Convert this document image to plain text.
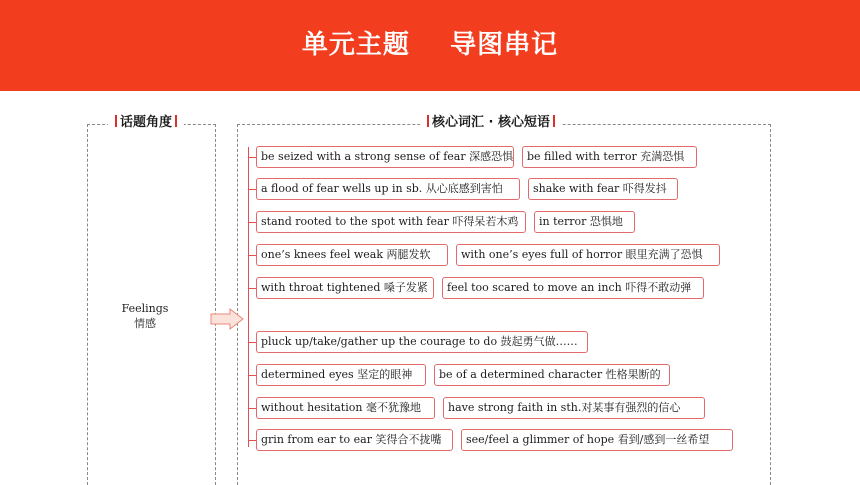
单元主题    导图串记
话题角度	核心词汇 · 核心短语
Feelings
情感
be seized with a strong sense of fear 深感恐惧	be filled with terror 充满恐惧
a flood of fear wells up in sb. 从心底感到害怕	shake with fear 吓得发抖
stand rooted to the spot with fear 吓得呆若木鸡	in terror 恐惧地
one’s knees feel weak 两腿发软	with one’s eyes full of horror 眼里充满了恐惧
with throat tightened 嗓子发紧	feel too scared to move an inch 吓得不敢动弹
pluck up/take/gather up the courage to do 鼓起勇气做……
determined eyes 坚定的眼神	be of a determined character 性格果断的
without hesitation 毫不犹豫地	have strong faith in sth.对某事有强烈的信心
grin from ear to ear 笑得合不拢嘴	see/feel a glimmer of hope 看到/感到一丝希望
